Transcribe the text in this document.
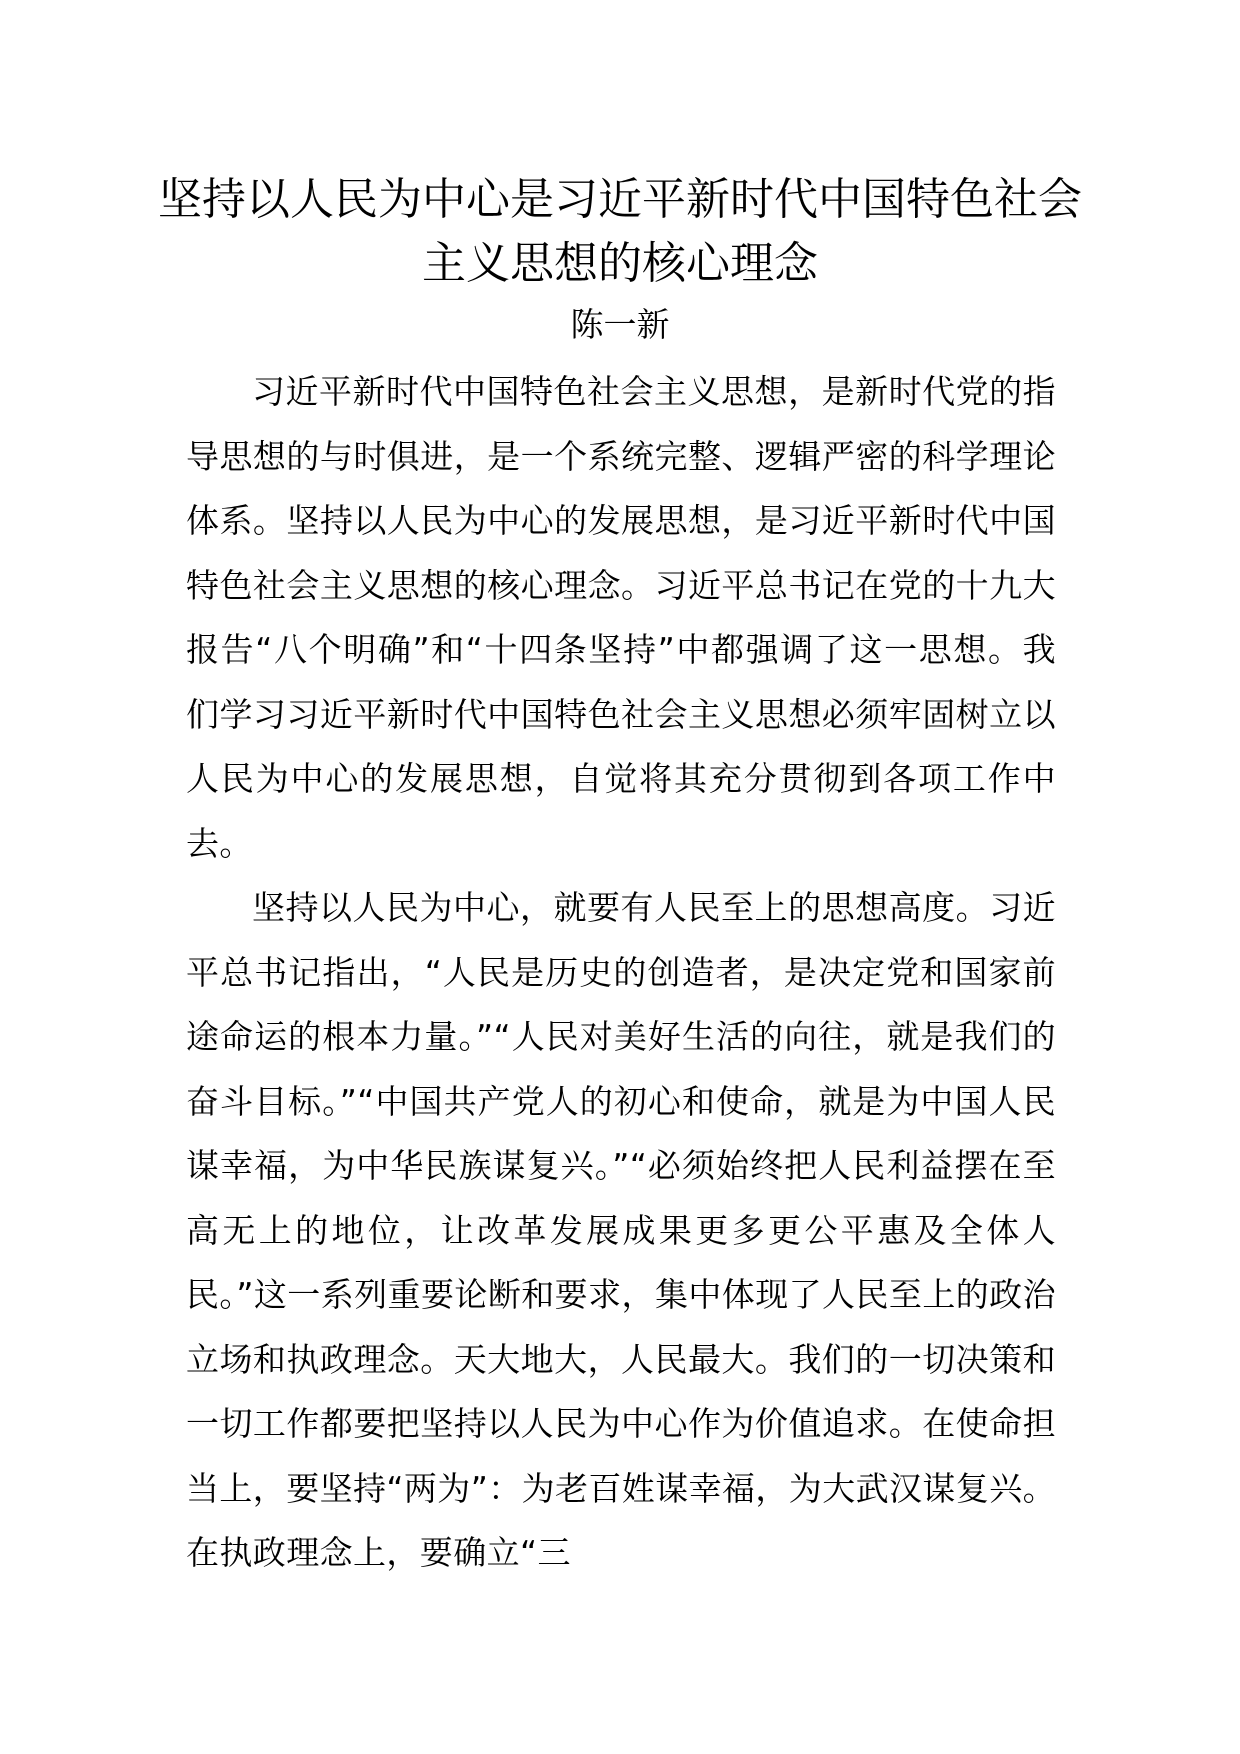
坚持以人民为中心是习近平新时代中国特色社会主义思想的核心理念
陈一新

习近平新时代中国特色社会主义思想，是新时代党的指导思想的与时俱进，是一个系统完整、逻辑严密的科学理论体系。坚持以人民为中心的发展思想，是习近平新时代中国特色社会主义思想的核心理念。习近平总书记在党的十九大报告“八个明确”和“十四条坚持”中都强调了这一思想。我们学习习近平新时代中国特色社会主义思想必须牢固树立以人民为中心的发展思想，自觉将其充分贯彻到各项工作中去。

坚持以人民为中心，就要有人民至上的思想高度。习近平总书记指出，“人民是历史的创造者，是决定党和国家前途命运的根本力量。”“人民对美好生活的向往，就是我们的奋斗目标。”“中国共产党人的初心和使命，就是为中国人民谋幸福，为中华民族谋复兴。”“必须始终把人民利益摆在至高无上的地位，让改革发展成果更多更公平惠及全体人民。”这一系列重要论断和要求，集中体现了人民至上的政治立场和执政理念。天大地大，人民最大。我们的一切决策和一切工作都要把坚持以人民为中心作为价值追求。在使命担当上，要坚持“两为”：为老百姓谋幸福，为大武汉谋复兴。在执政理念上，要确立“三
